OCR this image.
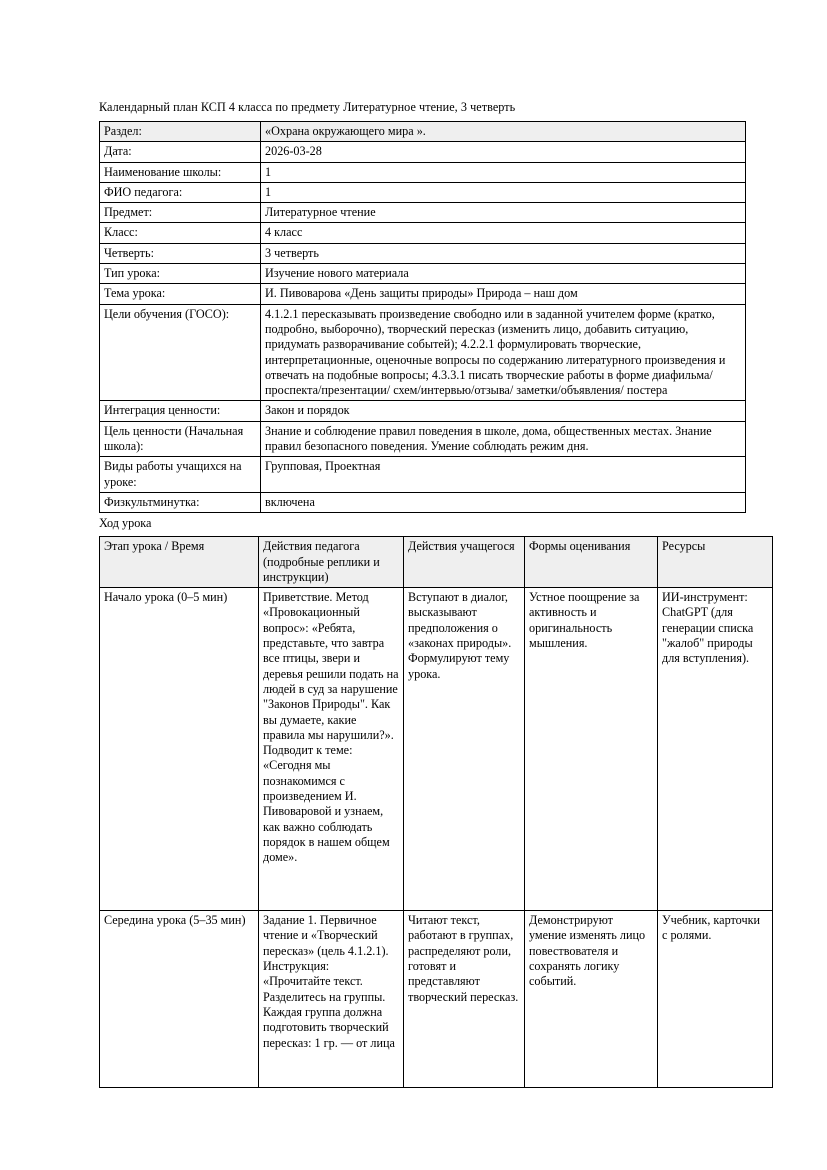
Календарный план КСП 4 класса по предмету Литературное чтение, 3 четверть
Раздел:	«Охрана окружающего мира ».
Дата:	2026-03-28
Наименование школы:	1
ФИО педагога:	1
Предмет:	Литературное чтение
Класс:	4 класс
Четверть:	3 четверть
Тип урока:	Изучение нового материала
Тема урока:	И. Пивоварова «День защиты природы» Природа – наш дом
Цели обучения (ГОСО):	4.1.2.1 пересказывать произведение свободно или в заданной учителем форме (кратко, подробно, выборочно), творческий пересказ (изменить лицо, добавить ситуацию, придумать разворачивание событей); 4.2.2.1 формулировать творческие, интерпретационные, оценочные вопросы по содержанию литературного произведения и отвечать на подобные вопросы; 4.3.3.1 писать творческие работы в форме диафильма/ проспекта/презентации/ схем/интервью/отзыва/ заметки/объявления/ постера
Интеграция ценности:	Закон и порядок
Цель ценности (Начальная школа):	Знание и соблюдение правил поведения в школе, дома, общественных местах. Знание правил безопасного поведения. Умение соблюдать режим дня.
Виды работы учащихся на уроке:	Групповая, Проектная
Физкультминутка:	включена
Ход урока
Этап урока / Время	Действия педагога (подробные реплики и инструкции)	Действия учащегося	Формы оценивания	Ресурсы
Начало урока (0–5 мин)	Приветствие. Метод «Провокационный вопрос»: «Ребята, представьте, что завтра все птицы, звери и деревья решили подать на людей в суд за нарушение "Законов Природы". Как вы думаете, какие правила мы нарушили?». Подводит к теме: «Сегодня мы познакомимся с произведением И. Пивоваровой и узнаем, как важно соблюдать порядок в нашем общем доме».	Вступают в диалог, высказывают предположения о «законах природы». Формулируют тему урока.	Устное поощрение за активность и оригинальность мышления.	ИИ-инструмент: ChatGPT (для генерации списка "жалоб" природы для вступления).
Середина урока (5–35 мин)	Задание 1. Первичное чтение и «Творческий пересказ» (цель 4.1.2.1). Инструкция: «Прочитайте текст. Разделитесь на группы. Каждая группа должна подготовить творческий пересказ: 1 гр. — от лица	Читают текст, работают в группах, распределяют роли, готовят и представляют творческий пересказ.	Демонстрируют умение изменять лицо повествователя и сохранять логику событий.	Учебник, карточки с ролями.
